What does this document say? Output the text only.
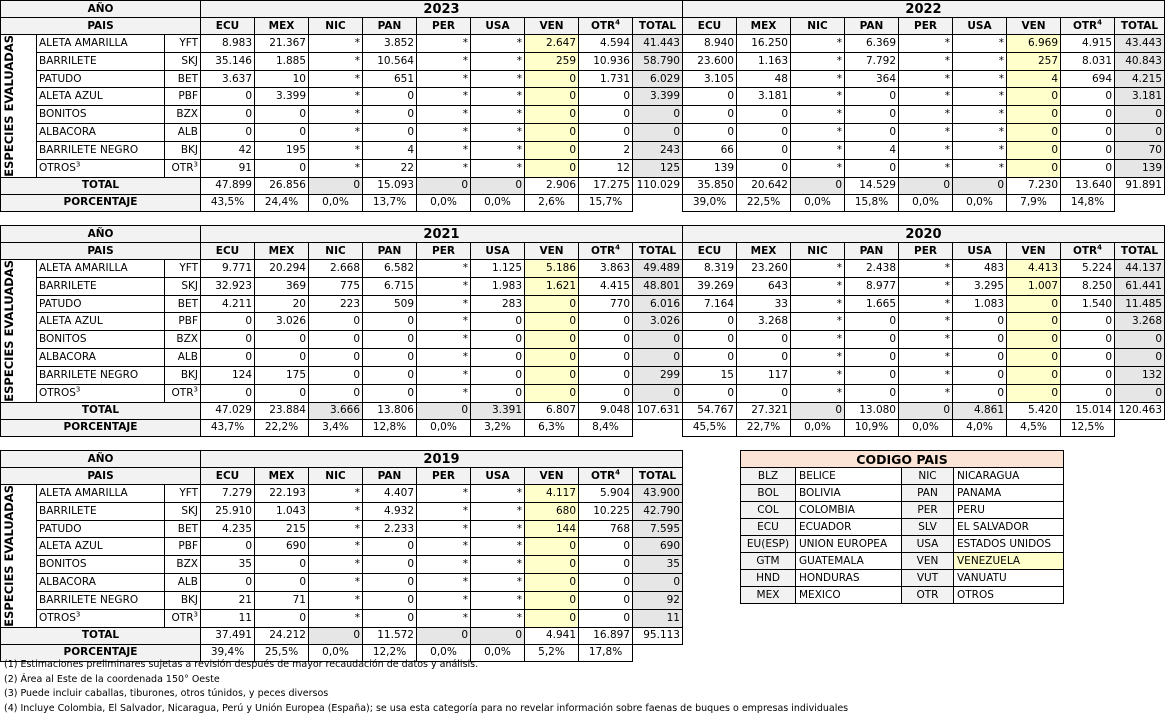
AÑO			2023									2022								
PAIS			ECU	MEX	NIC	PAN	PER	USA	VEN	OTR$^4$	TOTAL	ECU	MEX	NIC	PAN	PER	USA	VEN	OTR$^4$	TOTAL

ESPECIES EVALUADAS	ALETA AMARILLA	YFT	8.983	21.367	*	3.852	*	*	2.647	4.594	41.443	8.940	16.250	*	6.369	*	*	6.969	4.915	43.443
	BARRILETE	SKJ	35.146	1.885	*	10.564	*	*	259	10.936	58.790	23.600	1.163	*	7.792	*	*	257	8.031	40.843
	PATUDO	BET	3.637	10	*	651	*	*	0	1.731	6.029	3.105	48	*	364	*	*	4	694	4.215
	ALETA AZUL	PBF	0	3.399	*	0	*	*	0	0	3.399	0	3.181	*	0	*	*	0	0	3.181
	BONITOS	BZX	0	0	*	0	*	*	0	0	0	0	0	*	0	*	*	0	0	0
	ALBACORA	ALB	0	0	*	0	*	*	0	0	0	0	0	*	0	*	*	0	0	0
	BARRILETE NEGRO	BKJ	42	195	*	4	*	*	0	2	243	66	0	*	4	*	*	0	0	70
	OTROS$^3$	OTR$^3$	91	0	*	22	*	*	0	12	125	139	0	*	0	*	*	0	0	139
TOTAL			47.899	26.856	0	15.093	0	0	2.906	17.275	110.029	35.850	20.642	0	14.529	0	0	7.230	13.640	91.891
PORCENTAJE			43,5%	24,4%	0,0%	13,7%	0,0%	0,0%	2,6%	15,7%		39,0%	22,5%	0,0%	15,8%	0,0%	0,0%	7,9%	14,8%	
AÑO			2021									2020								
PAIS			ECU	MEX	NIC	PAN	PER	USA	VEN	OTR$^4$	TOTAL	ECU	MEX	NIC	PAN	PER	USA	VEN	OTR$^4$	TOTAL

ESPECIES EVALUADAS	ALETA AMARILLA	YFT	9.771	20.294	2.668	6.582	*	1.125	5.186	3.863	49.489	8.319	23.260	*	2.438	*	483	4.413	5.224	44.137
	BARRILETE	SKJ	32.923	369	775	6.715	*	1.983	1.621	4.415	48.801	39.269	643	*	8.977	*	3.295	1.007	8.250	61.441
	PATUDO	BET	4.211	20	223	509	*	283	0	770	6.016	7.164	33	*	1.665	*	1.083	0	1.540	11.485
	ALETA AZUL	PBF	0	3.026	0	0	*	0	0	0	3.026	0	3.268	*	0	*	0	0	0	3.268
	BONITOS	BZX	0	0	0	0	*	0	0	0	0	0	0	*	0	*	0	0	0	0
	ALBACORA	ALB	0	0	0	0	*	0	0	0	0	0	0	*	0	*	0	0	0	0
	BARRILETE NEGRO	BKJ	124	175	0	0	*	0	0	0	299	15	117	*	0	*	0	0	0	132
	OTROS$^3$	OTR$^3$	0	0	0	0	*	0	0	0	0	0	0	*	0	*	0	0	0	0
TOTAL			47.029	23.884	3.666	13.806	0	3.391	6.807	9.048	107.631	54.767	27.321	0	13.080	0	4.861	5.420	15.014	120.463
PORCENTAJE			43,7%	22,2%	3,4%	12,8%	0,0%	3,2%	6,3%	8,4%		45,5%	22,7%	0,0%	10,9%	0,0%	4,0%	4,5%	12,5%	
AÑO			2019								
PAIS			ECU	MEX	NIC	PAN	PER	USA	VEN	OTR$^4$	TOTAL

ESPECIES EVALUADAS	ALETA AMARILLA	YFT	7.279	22.193	*	4.407	*	*	4.117	5.904	43.900
	BARRILETE	SKJ	25.910	1.043	*	4.932	*	*	680	10.225	42.790
	PATUDO	BET	4.235	215	*	2.233	*	*	144	768	7.595
	ALETA AZUL	PBF	0	690	*	0	*	*	0	0	690
	BONITOS	BZX	35	0	*	0	*	*	0	0	35
	ALBACORA	ALB	0	0	*	0	*	*	0	0	0
	BARRILETE NEGRO	BKJ	21	71	*	0	*	*	0	0	92
	OTROS$^3$	OTR$^3$	11	0	*	0	*	*	0	0	11
TOTAL			37.491	24.212	0	11.572	0	0	4.941	16.897	95.113
PORCENTAJE			39,4%	25,5%	0,0%	12,2%	0,0%	0,0%	5,2%	17,8%	
CODIGO PAIS			
BLZ	BELICE	NIC	NICARAGUA
BOL	BOLIVIA	PAN	PANAMA
COL	COLOMBIA	PER	PERU
ECU	ECUADOR	SLV	EL SALVADOR
EU(ESP)	UNION EUROPEA	USA	ESTADOS UNIDOS
GTM	GUATEMALA	VEN	VENEZUELA
HND	HONDURAS	VUT	VANUATU
MEX	MEXICO	OTR	OTROS
(1) Estimaciones preliminares sujetas a revisión después de mayor recaudación de datos y análisis.
(2) Área al Este de la coordenada 150° Oeste
(3) Puede incluir caballas, tiburones, otros túnidos, y peces diversos
(4) Incluye Colombia, El Salvador, Nicaragua, Perú y Unión Europea (España); se usa esta categoría para no revelar información sobre faenas de buques o empresas individuales
